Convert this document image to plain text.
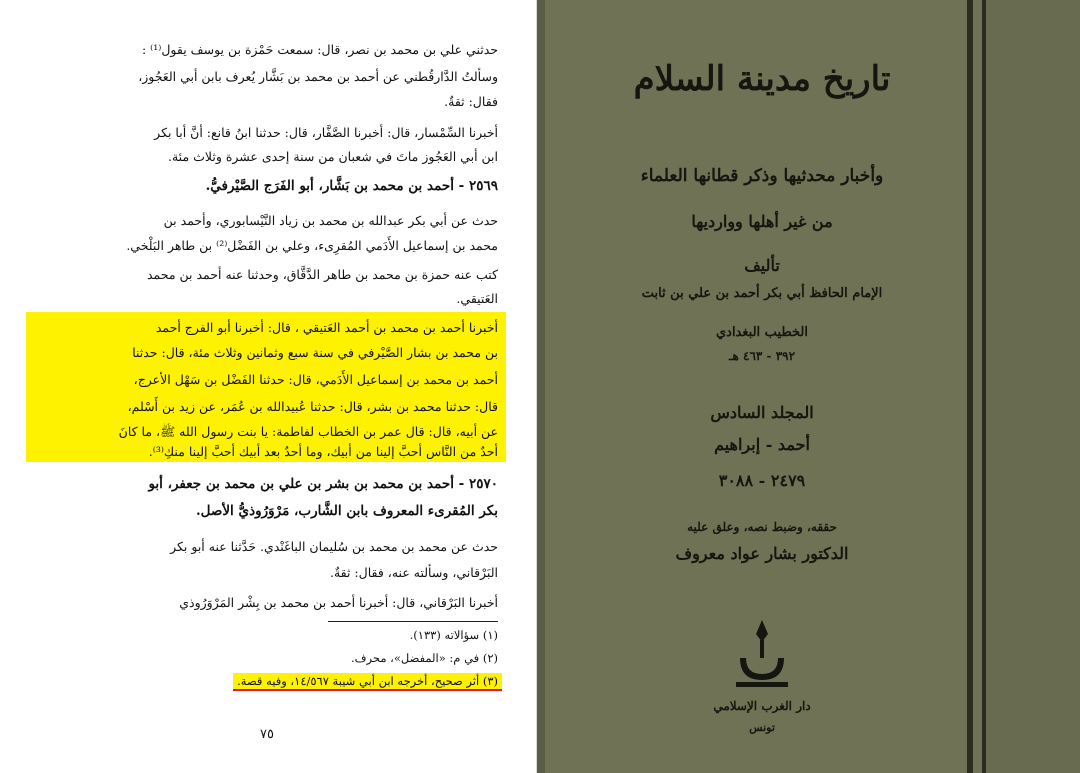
حدثني علي بن محمد بن نصر، قال: سمعت حَمْزة بن يوسف يقول⁽¹⁾ :
وسألتُ الدَّارقُطني عن أحمد بن محمد بن بَشَّار يُعرف بابن أبي العَجُوز،
فقال: ثقةٌ.
أخبرنا السِّمْسار، قال: أخبرنا الصَّفَّار، قال: حدثنا ابنُ قانع: أنَّ أبا بكر
ابن أبي العَجُوز ماتَ في شعبان من سنة إحدى عشرة وثلاث مئة.
٢٥٦٩ - أحمد بن محمد بن بَشَّار، أبو الفَرَج الصَّيْرفيُّ.
حدث عن أبي بكر عبدالله بن محمد بن زياد النَّيْسابوري، وأحمد بن
محمد بن إسماعيل الأَدَمي المُقرِىء، وعلي بن الفَضْل⁽²⁾ بن طاهر البَلْخي.
كتب عنه حمزة بن محمد بن طاهر الدَّقَّاق، وحدثنا عنه أحمد بن محمد
العَتيقي.
أخبرنا أحمد بن محمد بن أحمد العَتيقي ، قال: أخبرنا أبو الفرج أحمد
بن محمد بن بشار الصَّيْرفي في سنة سبع وثمانين وثلاث مئة، قال: حدثنا
أحمد بن محمد بن إسماعيل الأَدَمي، قال: حدثنا الفَضْل بن سَهْل الأعرج،
قال: حدثنا محمد بن بشر، قال: حدثنا عُبيدالله بن عُمَر، عن زيد بن أَسْلم،
عن أبيه، قال: قال عمر بن الخطاب لفاطمة: يا بنت رسول الله ﷺ، ما كانَ
أحدٌ من النَّاس أحبَّ إلينا من أبيك، وما أحدٌ بعد أبيك أحبَّ إلينا منكِ⁽³⁾.
٢٥٧٠ - أحمد بن محمد بن بشر بن علي بن محمد بن جعفر، أبو
بكر المُقرىء المعروف بابن الشَّارب، مَرْوَرُوذيُّ الأصل.
حدث عن محمد بن محمد بن سُليمان الباغَنْدي. حَدَّثنا عنه أبو بكر
البَرْقاني، وسألته عنه، فقال: ثقةٌ.
أخبرنا البَرْقاني، قال: أخبرنا أحمد بن محمد بن بِشْر المَرْوَرُوذي
(١) سؤالاته (١٣٣).
(٢) في م: «المفضل»، محرف.
(٣) أثر صحيح، أخرجه ابن أبي شيبة ١٤/٥٦٧، وفيه قصة.
٧٥
تاريخ مدينة السلام
وأخبار محدثيها وذكر قطانها العلماء
من غير أهلها ووارديها
تأليف
الإمام الحافظ أبي بكر أحمد بن علي بن ثابت
الخطيب البغدادي
٣٩٢ - ٤٦٣ هـ
المجلد السادس
أحمد - إبراهيم
٢٤٧٩ - ٣٠٨٨
حققه، وضبط نصه، وعلق عليه
الدكتور بشار عواد معروف
دار الغرب الإسلامي
تونس
